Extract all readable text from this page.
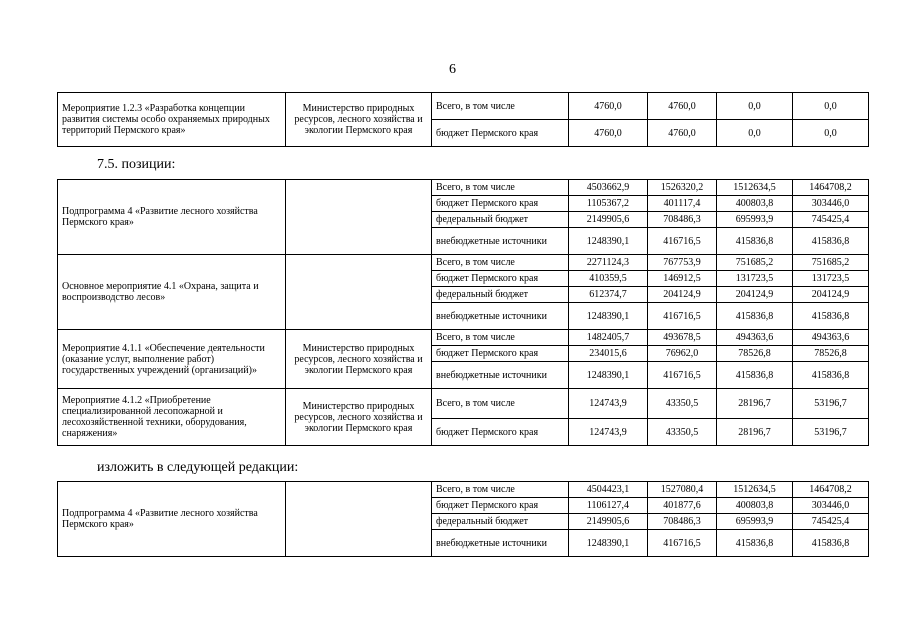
6
Мероприятие 1.2.3 «Разработка концепции развития системы особо охраняемых природных территорий Пермского края»	Министерство природных ресурсов, лесного хозяйства и экологии Пермского края	Всего, в том числе	4760,0	4760,0	0,0	0,0
		бюджет Пермского края	4760,0	4760,0	0,0	0,0
7.5. позиции:
Подпрограмма 4 «Развитие лесного хозяйства Пермского края»		Всего, в том числе	4503662,9	1526320,2	1512634,5	1464708,2
		бюджет Пермского края	1105367,2	401117,4	400803,8	303446,0
		федеральный бюджет	2149905,6	708486,3	695993,9	745425,4
		внебюджетные источники	1248390,1	416716,5	415836,8	415836,8
Основное мероприятие 4.1 «Охрана, защита и воспроизводство лесов»		Всего, в том числе	2271124,3	767753,9	751685,2	751685,2
		бюджет Пермского края	410359,5	146912,5	131723,5	131723,5
		федеральный бюджет	612374,7	204124,9	204124,9	204124,9
		внебюджетные источники	1248390,1	416716,5	415836,8	415836,8
Мероприятие 4.1.1 «Обеспечение деятельности (оказание услуг, выполнение работ) государственных учреждений (организаций)»	Министерство природных ресурсов, лесного хозяйства и экологии Пермского края	Всего, в том числе	1482405,7	493678,5	494363,6	494363,6
		бюджет Пермского края	234015,6	76962,0	78526,8	78526,8
		внебюджетные источники	1248390,1	416716,5	415836,8	415836,8
Мероприятие 4.1.2 «Приобретение специализированной лесопожарной и лесохозяйственной техники, оборудования, снаряжения»	Министерство природных ресурсов, лесного хозяйства и экологии Пермского края	Всего, в том числе	124743,9	43350,5	28196,7	53196,7
		бюджет Пермского края	124743,9	43350,5	28196,7	53196,7
изложить в следующей редакции:
Подпрограмма 4 «Развитие лесного хозяйства Пермского края»		Всего, в том числе	4504423,1	1527080,4	1512634,5	1464708,2
		бюджет Пермского края	1106127,4	401877,6	400803,8	303446,0
		федеральный бюджет	2149905,6	708486,3	695993,9	745425,4
		внебюджетные источники	1248390,1	416716,5	415836,8	415836,8
